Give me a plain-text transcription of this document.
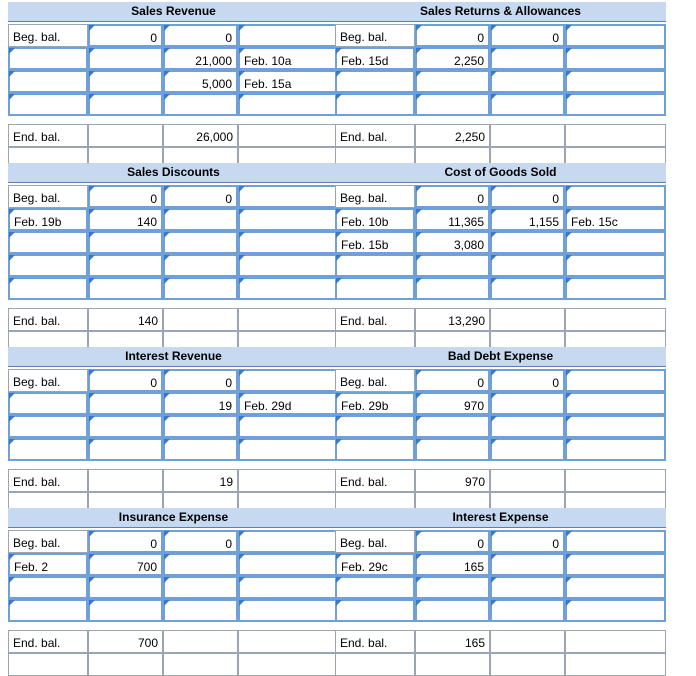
Sales Revenue
Beg. bal.	0	0
21,000	Feb. 10a
5,000	Feb. 15a
End. bal.	26,000
Sales Returns & Allowances
Beg. bal.	0	0
Feb. 15d	2,250
End. bal.	2,250
Sales Discounts
Beg. bal.	0	0
Feb. 19b	140
End. bal.	140
Cost of Goods Sold
Beg. bal.	0	0
Feb. 10b	11,365	1,155	Feb. 15c
Feb. 15b	3,080
End. bal.	13,290
Interest Revenue
Beg. bal.	0	0
19	Feb. 29d
End. bal.	19
Bad Debt Expense
Beg. bal.	0	0
Feb. 29b	970
End. bal.	970
Insurance Expense
Beg. bal.	0	0
Feb. 2	700
End. bal.	700
Interest Expense
Beg. bal.	0	0
Feb. 29c	165
End. bal.	165
